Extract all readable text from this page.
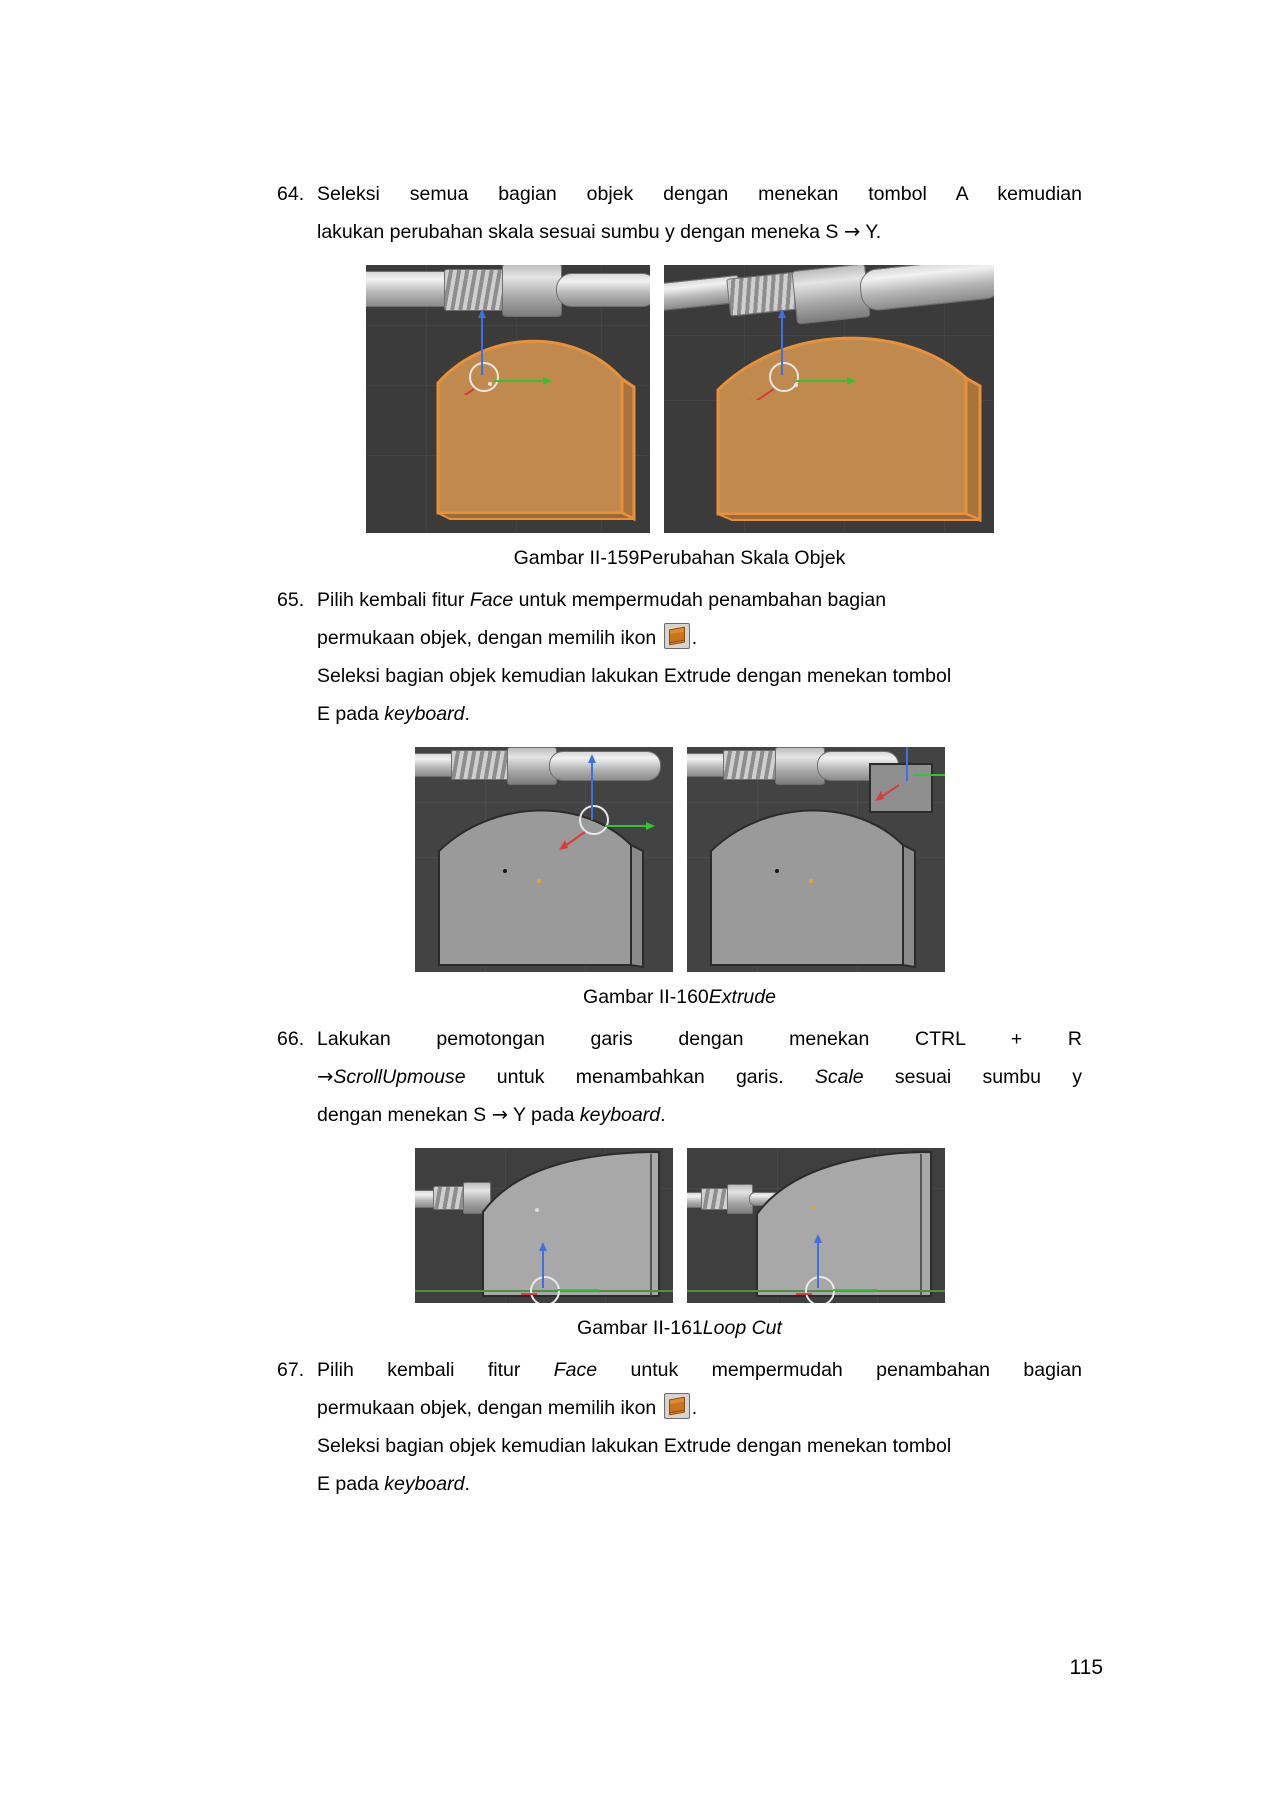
64. Seleksi semua bagian objek dengan menekan tombol A kemudian
lakukan perubahan skala sesuai sumbu y dengan meneka S → Y.
Gambar II-159Perubahan Skala Objek
65. Pilih kembali fitur Face untuk mempermudah penambahan bagian
permukaan objek, dengan memilih ikon .
Seleksi bagian objek kemudian lakukan Extrude dengan menekan tombol
E pada keyboard.
Gambar II-160Extrude
66. Lakukan pemotongan garis dengan menekan CTRL + R
→ScrollUpmouse untuk menambahkan garis. Scale sesuai sumbu y
dengan menekan S → Y pada keyboard.
Gambar II-161Loop Cut
67. Pilih kembali fitur Face untuk mempermudah penambahan bagian
permukaan objek, dengan memilih ikon .
Seleksi bagian objek kemudian lakukan Extrude dengan menekan tombol
E pada keyboard.
115
